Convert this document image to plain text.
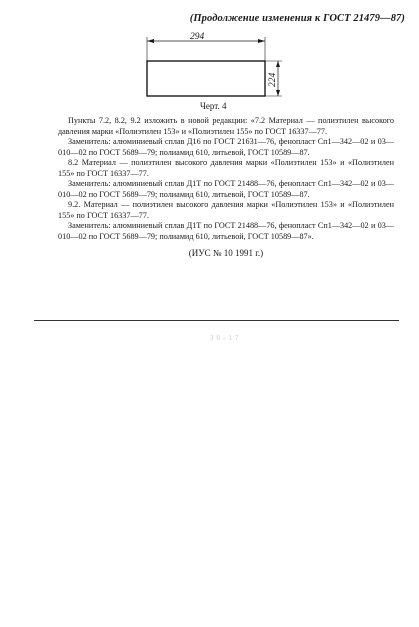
(Продолжение изменения к ГОСТ 21479—87)
294
224
Черт. 4

Пункты 7.2, 8.2, 9.2 изложить в новой редакции: «7.2 Материал — полиэтилен высокого давления марки «Полиэтилен 153» и «Полиэтилен 155» по ГОСТ 16337—77.

Заменитель: алюминиевый сплав Д16 по ГОСТ 21631—76, фенопласт Сп1—342—02 и 03—010—02 по ГОСТ 5689—79; полиамид 610, литьевой, ГОСТ 10589—87.

8.2 Материал — полиэтилен высокого давления марки «Полиэтилен 153» и «Полиэтилен 155» по ГОСТ 16337—77.

Заменитель: алюминиевый сплав Д1Т по ГОСТ 21488—76, фенопласт Сп1—342—02 и 03—010—02 по ГОСТ 5689—79; полиамид 610, литьевой, ГОСТ 10589—87.

9.2. Материал — полиэтилен высокого давления марки «Полиэтилен 153» и «Полиэтилен 155» по ГОСТ 16337—77.

Заменитель: алюминиевый сплав Д1Т по ГОСТ 21488—76, фенопласт Сп1—342—02 и 03—010—02 по ГОСТ 5689—79; полиамид 610, литьевой, ГОСТ 10589—87».

(ИУС № 10 1991 г.)

30-17
